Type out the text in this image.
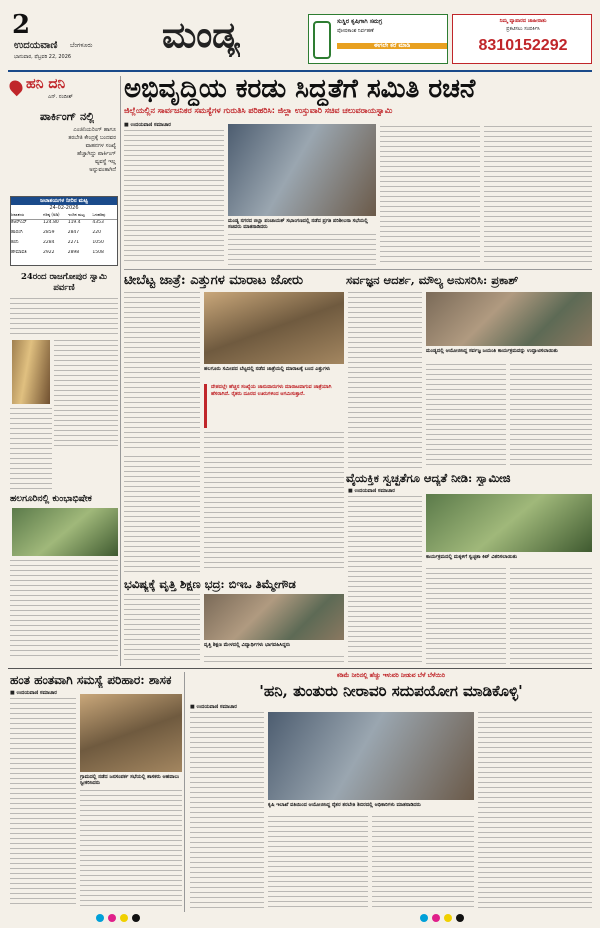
2
ಉದಯವಾಣಿ ಬೆಂಗಳೂರು
ಭಾನುವಾರ, ಫೆಬ್ರವರಿ 22, 2026
ಮಂಡ್ಯ	ಸುಸ್ಥಿರ ಕೃಷಿಗಾಗಿ ಸಮಗ್ರ
ಪೋಷಕಾಂಶ ನಿರ್ವಹಣೆ
ಈಗಲೇ ಕರೆ ಮಾಡಿ
ನಿಮ್ಮ ವ್ಯಾಪಾರದ ಜಾಹೀರಾತು
ಪ್ರಕಟಿಸಲು ಸಂಪರ್ಕಿಸಿ
8310152292
ಹನಿ ದನಿ
ಎನ್. ನಂದೀಶ್
ಪಾರ್ಕಿಂಗ್ ನಲ್ಲಿ
ಎಂಜಿನಿಯರಿಂಗ್ ಹಾಗೂ
ತರಬೇತಿ ಕೇಂದ್ರಕ್ಕೆ ಬಂದವರ
ವಾಹನಗಳ ಸಂಖ್ಯೆ
ಹೆಚ್ಚಾಗಿದ್ದು ಪಾರ್ಕಿಂಗ್
ವ್ಯವಸ್ಥೆ ಇಲ್ಲ
ಅನ್ನುವಂತಾಗಿದೆ
ಜಲಾಶಯಗಳ ನೀರಿನ ಮಟ್ಟ
24-02-2026
ಜಲಾಶಯ	ಗರಿಷ್ಠ (ಅಡಿ)	ಇಂದಿನ ಮಟ್ಟ	ಒಳಹರಿವು
ಕೆಆರ್‌ಎಸ್	124.80	119.4	4353
ಹಾರಂಗಿ	2859	2847	220
ಕಬಿನಿ	2284	2271	1050
ಹೇಮಾವತಿ	2922	2898	1508
24ರಂದ ರಾಜಗೋಪುರ ಸ್ವಾಮಿ ಪರ್ವಣಿ
ಹಲಗೂರಿನಲ್ಲಿ ಕುಂಭಾಭಿಷೇಕ
ಅಭಿವೃದ್ಧಿಯ ಕರಡು ಸಿದ್ಧತೆಗೆ ಸಮಿತಿ ರಚನೆ
ಜಿಲ್ಲೆಯಲ್ಲಿನ ಸಾರ್ವಜನಿಕರ ಸಮಸ್ಯೆಗಳ ಗುರುತಿಸಿ ಪರಿಹರಿಸಿ: ಜಿಲ್ಲಾ ಉಸ್ತುವಾರಿ ಸಚಿವ ಚಲುವರಾಯಸ್ವಾಮಿ
■ ಉದಯವಾಣಿ ಸಮಾಚಾರ
ಮಂಡ್ಯ ನಗರದ ಜಿಲ್ಲಾ ಪಂಚಾಯತ್ ಸಭಾಂಗಣದಲ್ಲಿ ನಡೆದ ಪ್ರಗತಿ ಪರಿಶೀಲನಾ ಸಭೆಯಲ್ಲಿ ಸಚಿವರು ಮಾತನಾಡಿದರು
ಟೀಬೆಟ್ಟ ಜಾತ್ರೆ: ಎತ್ತುಗಳ ಮಾರಾಟ ಜೋರು
ಹಲಗೂರು ಸಮೀಪದ ಬೆಟ್ಟದಲ್ಲಿ ನಡೆದ ಜಾತ್ರೆಯಲ್ಲಿ ಮಾರಾಟಕ್ಕೆ ಬಂದ ಎತ್ತುಗಳು
ದೇಶದಲ್ಲೇ ಹೆಚ್ಚಿನ ಸಂಖ್ಯೆಯ ಜಾನುವಾರುಗಳು ಮಾರಾಟವಾಗುವ ಜಾತ್ರೆಯಾಗಿ ಹೆಸರಾಗಿದೆ. ರೈತರು ದೂರದ ಊರುಗಳಿಂದ ಆಗಮಿಸುತ್ತಾರೆ.
ಸರ್ವಜ್ಞನ ಆದರ್ಶ, ಮೌಲ್ಯ ಅನುಸರಿಸಿ: ಪ್ರಕಾಶ್
ಮಂಡ್ಯದಲ್ಲಿ ಆಯೋಜಿಸಿದ್ದ ಸರ್ವಜ್ಞ ಜಯಂತಿ ಕಾರ್ಯಕ್ರಮವನ್ನು ಉದ್ಘಾಟಿಸಲಾಯಿತು
ವೈಯಕ್ತಿಕ ಸ್ವಚ್ಛತೆಗೂ ಆದ್ಯತೆ ನೀಡಿ: ಸ್ವಾಮೀಜಿ
■ ಉದಯವಾಣಿ ಸಮಾಚಾರ
ಕಾರ್ಯಕ್ರಮದಲ್ಲಿ ಮಕ್ಕಳಿಗೆ ಸ್ವಚ್ಛತಾ ಕಿಟ್ ವಿತರಿಸಲಾಯಿತು
ಭವಿಷ್ಯಕ್ಕೆ ವೃತ್ತಿ ಶಿಕ್ಷಣ ಭದ್ರ: ಬಿಇಒ ತಿಮ್ಮೇಗೌಡ
ವೃತ್ತಿ ಶಿಕ್ಷಣ ಮೇಳದಲ್ಲಿ ವಿದ್ಯಾರ್ಥಿಗಳು ಭಾಗವಹಿಸಿದ್ದರು
ಹಂತ ಹಂತವಾಗಿ ಸಮಸ್ಯೆ ಪರಿಹಾರ: ಶಾಸಕ
■ ಉದಯವಾಣಿ ಸಮಾಚಾರ
ಗ್ರಾಮದಲ್ಲಿ ನಡೆದ ಜನಸಂಪರ್ಕ ಸಭೆಯಲ್ಲಿ ಶಾಸಕರು ಅಹವಾಲು ಸ್ವೀಕರಿಸಿದರು
ಕಡಿಮೆ ನೀರಿನಲ್ಲಿ ಹೆಚ್ಚು ಇಳುವರಿ ನೀಡುವ ಬೆಳೆ ಬೆಳೆಯಿರಿ
'ಹನಿ, ತುಂತುರು ನೀರಾವರಿ ಸದುಪಯೋಗ ಮಾಡಿಕೊಳ್ಳಿ'
■ ಉದಯವಾಣಿ ಸಮಾಚಾರ
ಕೃಷಿ ಇಲಾಖೆ ವತಿಯಿಂದ ಆಯೋಜಿಸಿದ್ದ ರೈತರ ತರಬೇತಿ ಶಿಬಿರದಲ್ಲಿ ಅಧಿಕಾರಿಗಳು ಮಾತನಾಡಿದರು
